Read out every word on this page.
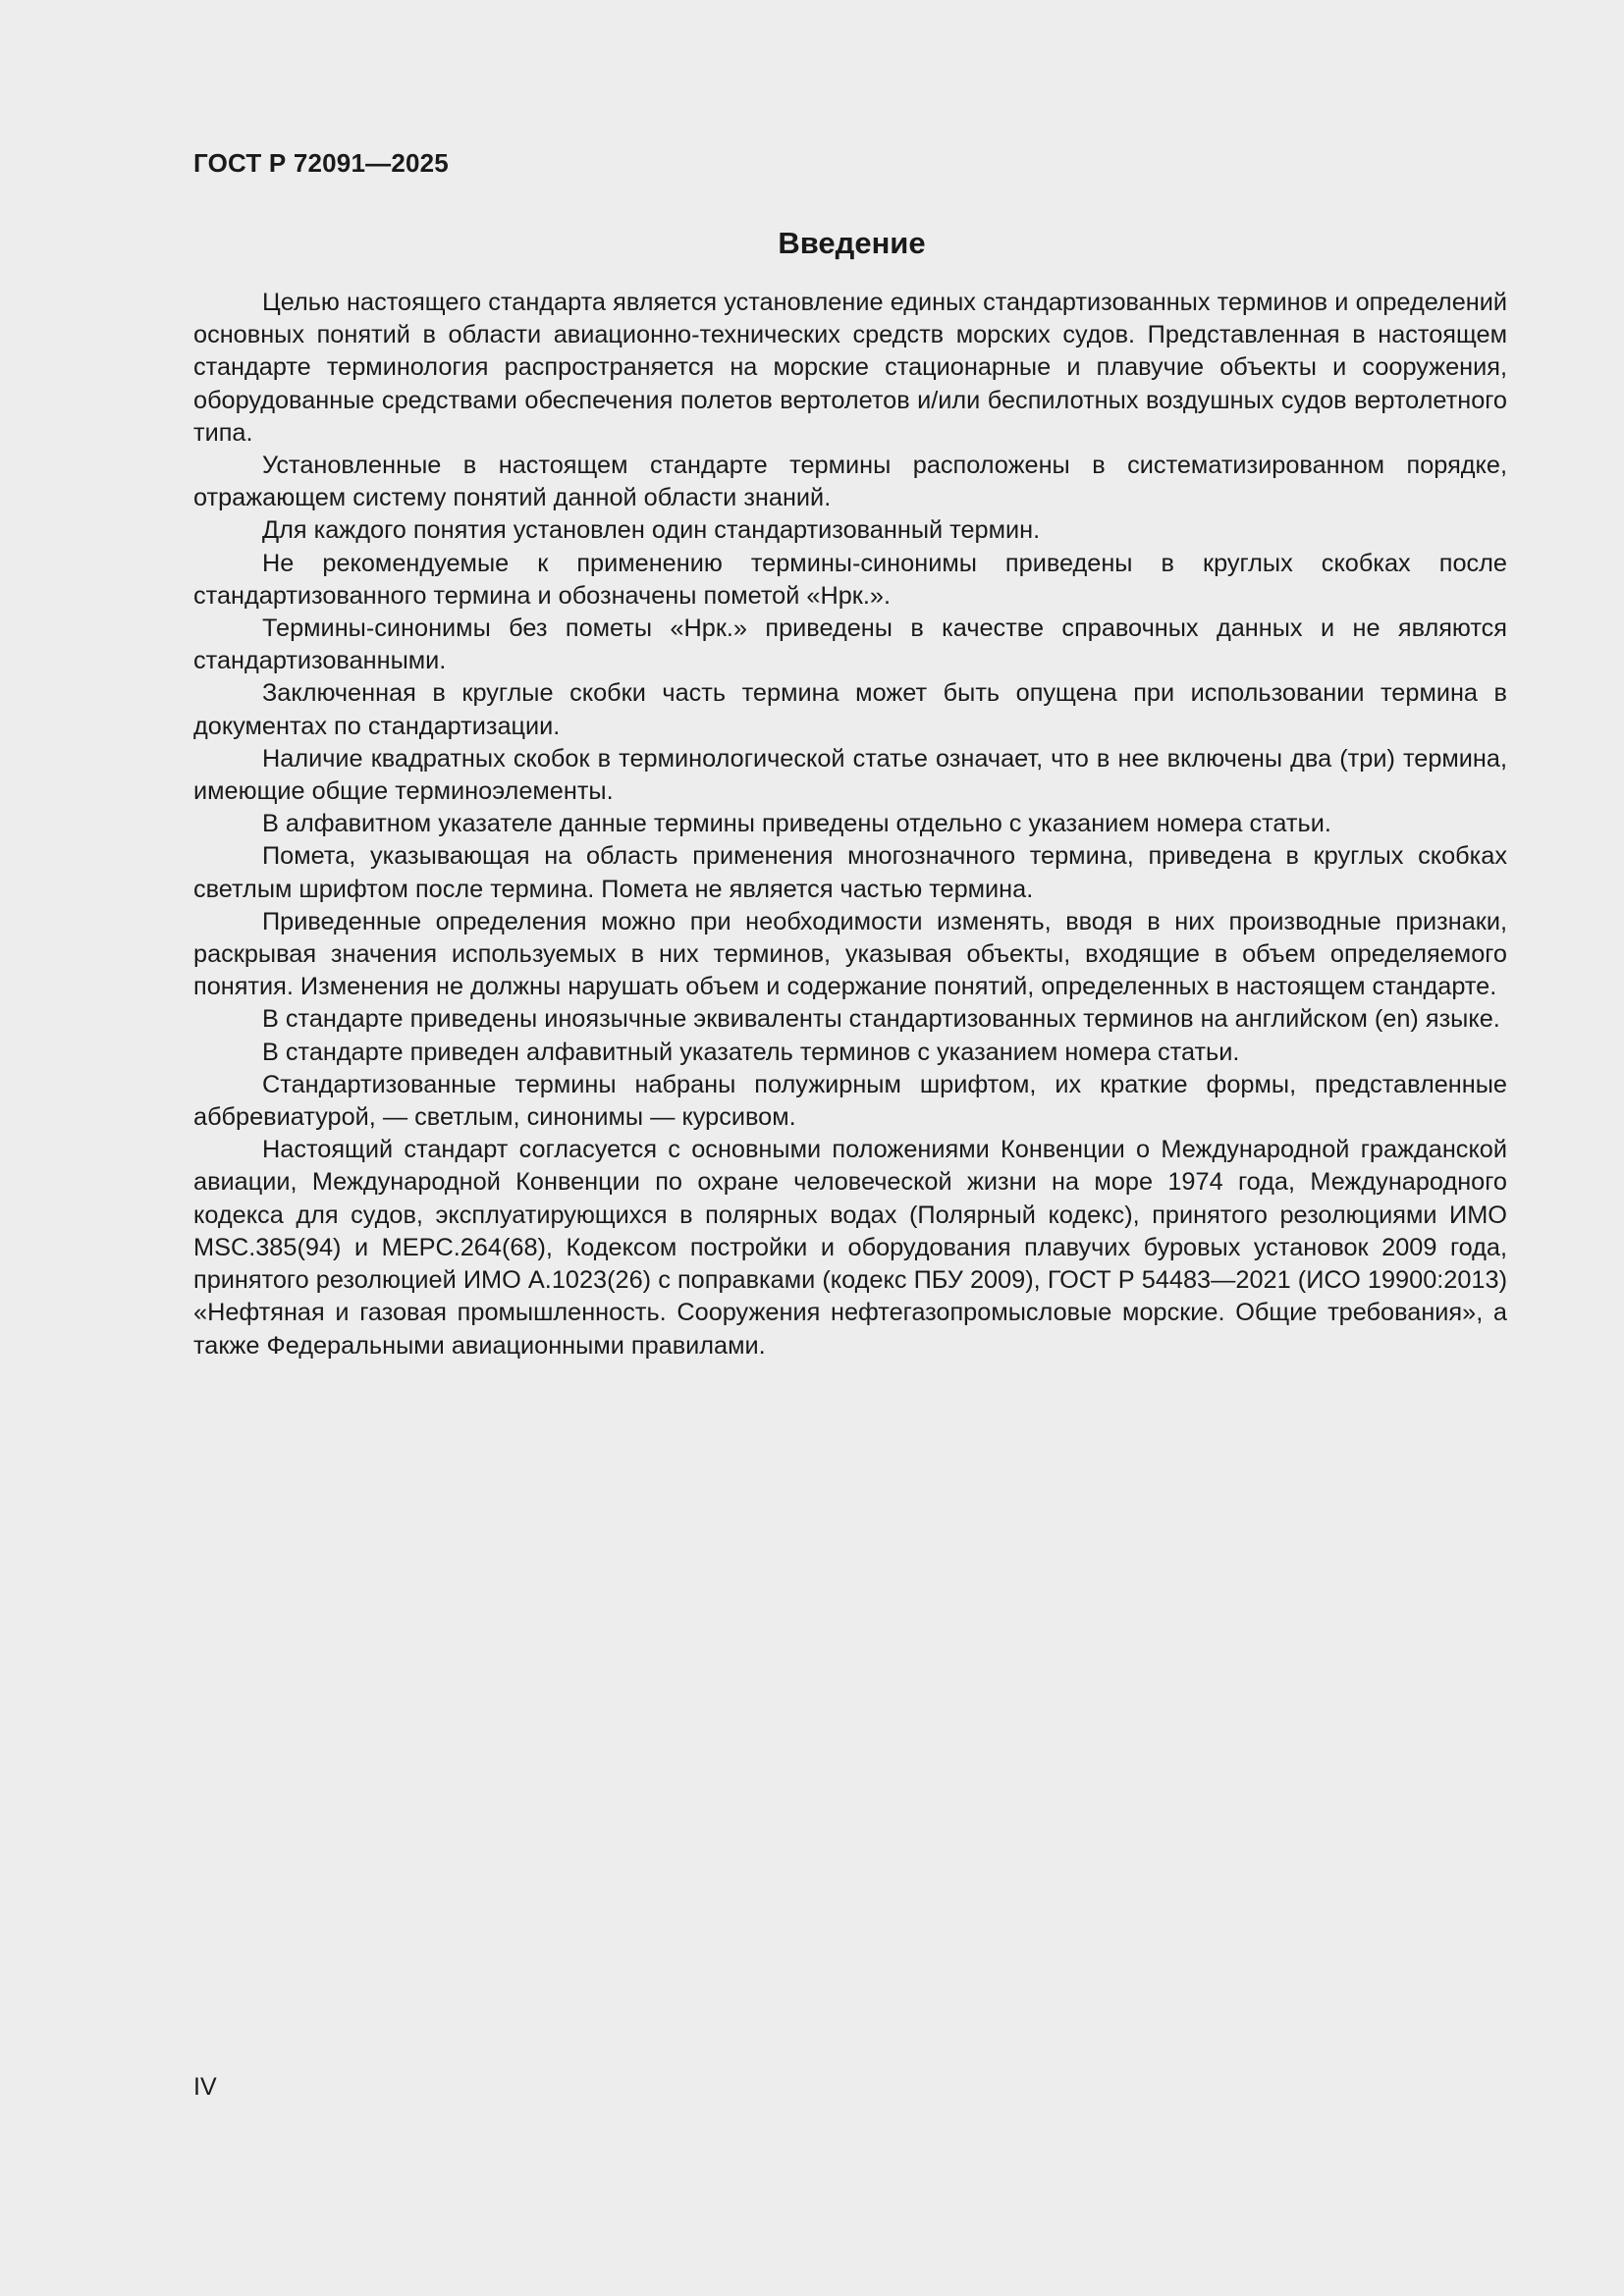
ГОСТ Р 72091—2025
Введение

Целью настоящего стандарта является установление единых стандартизованных терминов и определений основных понятий в области авиационно-технических средств морских судов. Представленная в настоящем стандарте терминология распространяется на морские стационарные и плавучие объекты и сооружения, оборудованные средствами обеспечения полетов вертолетов и/или беспилотных воздушных судов вертолетного типа.

Установленные в настоящем стандарте термины расположены в систематизированном порядке, отражающем систему понятий данной области знаний.

Для каждого понятия установлен один стандартизованный термин.

Не рекомендуемые к применению термины-синонимы приведены в круглых скобках после стандартизованного термина и обозначены пометой «Нрк.».

Термины-синонимы без пометы «Нрк.» приведены в качестве справочных данных и не являются стандартизованными.

Заключенная в круглые скобки часть термина может быть опущена при использовании термина в документах по стандартизации.

Наличие квадратных скобок в терминологической статье означает, что в нее включены два (три) термина, имеющие общие терминоэлементы.

В алфавитном указателе данные термины приведены отдельно с указанием номера статьи.

Помета, указывающая на область применения многозначного термина, приведена в круглых скобках светлым шрифтом после термина. Помета не является частью термина.

Приведенные определения можно при необходимости изменять, вводя в них производные признаки, раскрывая значения используемых в них терминов, указывая объекты, входящие в объем определяемого понятия. Изменения не должны нарушать объем и содержание понятий, определенных в настоящем стандарте.

В стандарте приведены иноязычные эквиваленты стандартизованных терминов на английском (en) языке.

В стандарте приведен алфавитный указатель терминов с указанием номера статьи.

Стандартизованные термины набраны полужирным шрифтом, их краткие формы, представленные аббревиатурой, — светлым, синонимы — курсивом.

Настоящий стандарт согласуется с основными положениями Конвенции о Международной гражданской авиации, Международной Конвенции по охране человеческой жизни на море 1974 года, Международного кодекса для судов, эксплуатирующихся в полярных водах (Полярный кодекс), принятого резолюциями ИМО MSC.385(94) и MEPC.264(68), Кодексом постройки и оборудования плавучих буровых установок 2009 года, принятого резолюцией ИМО А.1023(26) с поправками (кодекс ПБУ 2009), ГОСТ Р 54483—2021 (ИСО 19900:2013) «Нефтяная и газовая промышленность. Сооружения нефтегазопромысловые морские. Общие требования», а также Федеральными авиационными правилами.

IV
